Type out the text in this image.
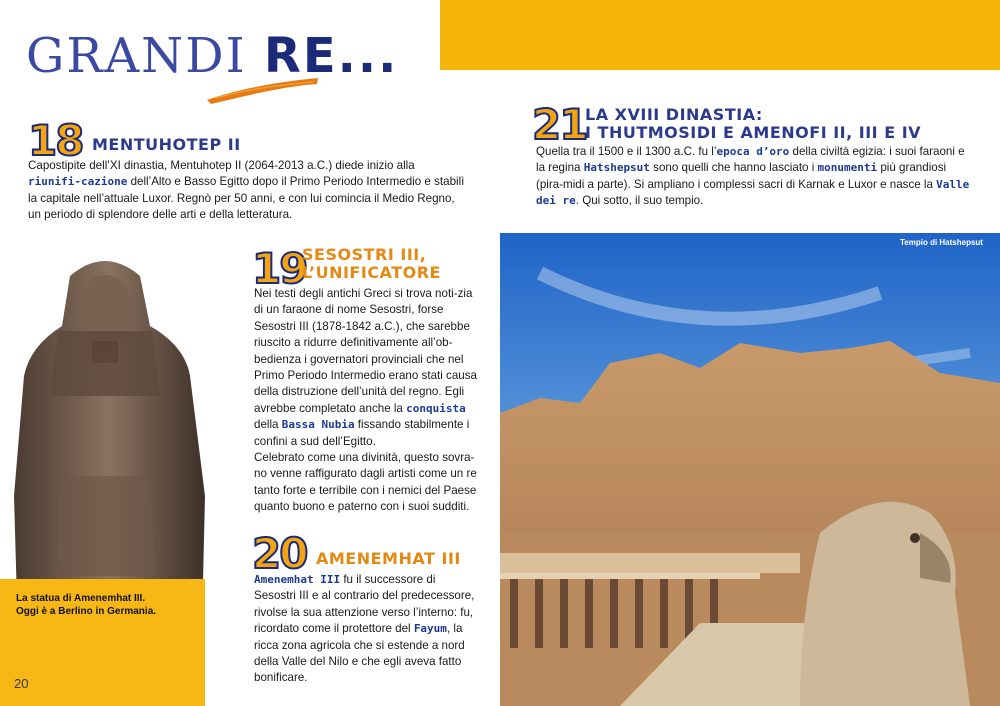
GRANDI RE...
18 MENTUHOTEP II
Capostipite dell’XI dinastia, Mentuhotep II (2064-2013 a.C.) diede inizio alla riunifi-cazione dell’Alto e Basso Egitto dopo il Primo Periodo Intermedio e stabilì la capitale nell’attuale Luxor. Regnò per 50 anni, e con lui comincia il Medio Regno, un periodo di splendore delle arti e della letteratura.
21
LA XVIII DINASTIA:
I THUTMOSIDI E AMENOFI II, III E IV
Quella tra il 1500 e il 1300 a.C. fu l’epoca d’oro della civiltà egizia: i suoi faraoni e la regina Hatshepsut sono quelli che hanno lasciato i monumenti più grandiosi (pira-midi a parte). Si ampliano i complessi sacri di Karnak e Luxor e nasce la Valle dei re. Qui sotto, il suo tempio.
19
SESOSTRI III,
L’UNIFICATORE
Nei testi degli antichi Greci si trova noti-zia di un faraone di nome Sesostri, forse Sesostri III (1878-1842 a.C.), che sarebbe riuscito a ridurre definitivamente all’ob-bedienza i governatori provinciali che nel Primo Periodo Intermedio erano stati causa della distruzione dell’unità del regno. Egli avrebbe completato anche la conquista della Bassa Nubia fissando stabilmente i confini a sud dell’Egitto.
Celebrato come una divinità, questo sovra-no venne raffigurato dagli artisti come un re tanto forte e terribile con i nemici del Paese quanto buono e paterno con i suoi sudditi.
20 AMENEMHAT III
Amenemhat III fu il successore di Sesostri III e al contrario del predecessore, rivolse la sua attenzione verso l’interno: fu, ricordato come il protettore del Fayum, la ricca zona agricola che si estende a nord della Valle del Nilo e che egli aveva fatto bonificare.
La statua di Amenemhat III.
Oggi è a Berlino in Germania.
20
Tempio di Hatshepsut
